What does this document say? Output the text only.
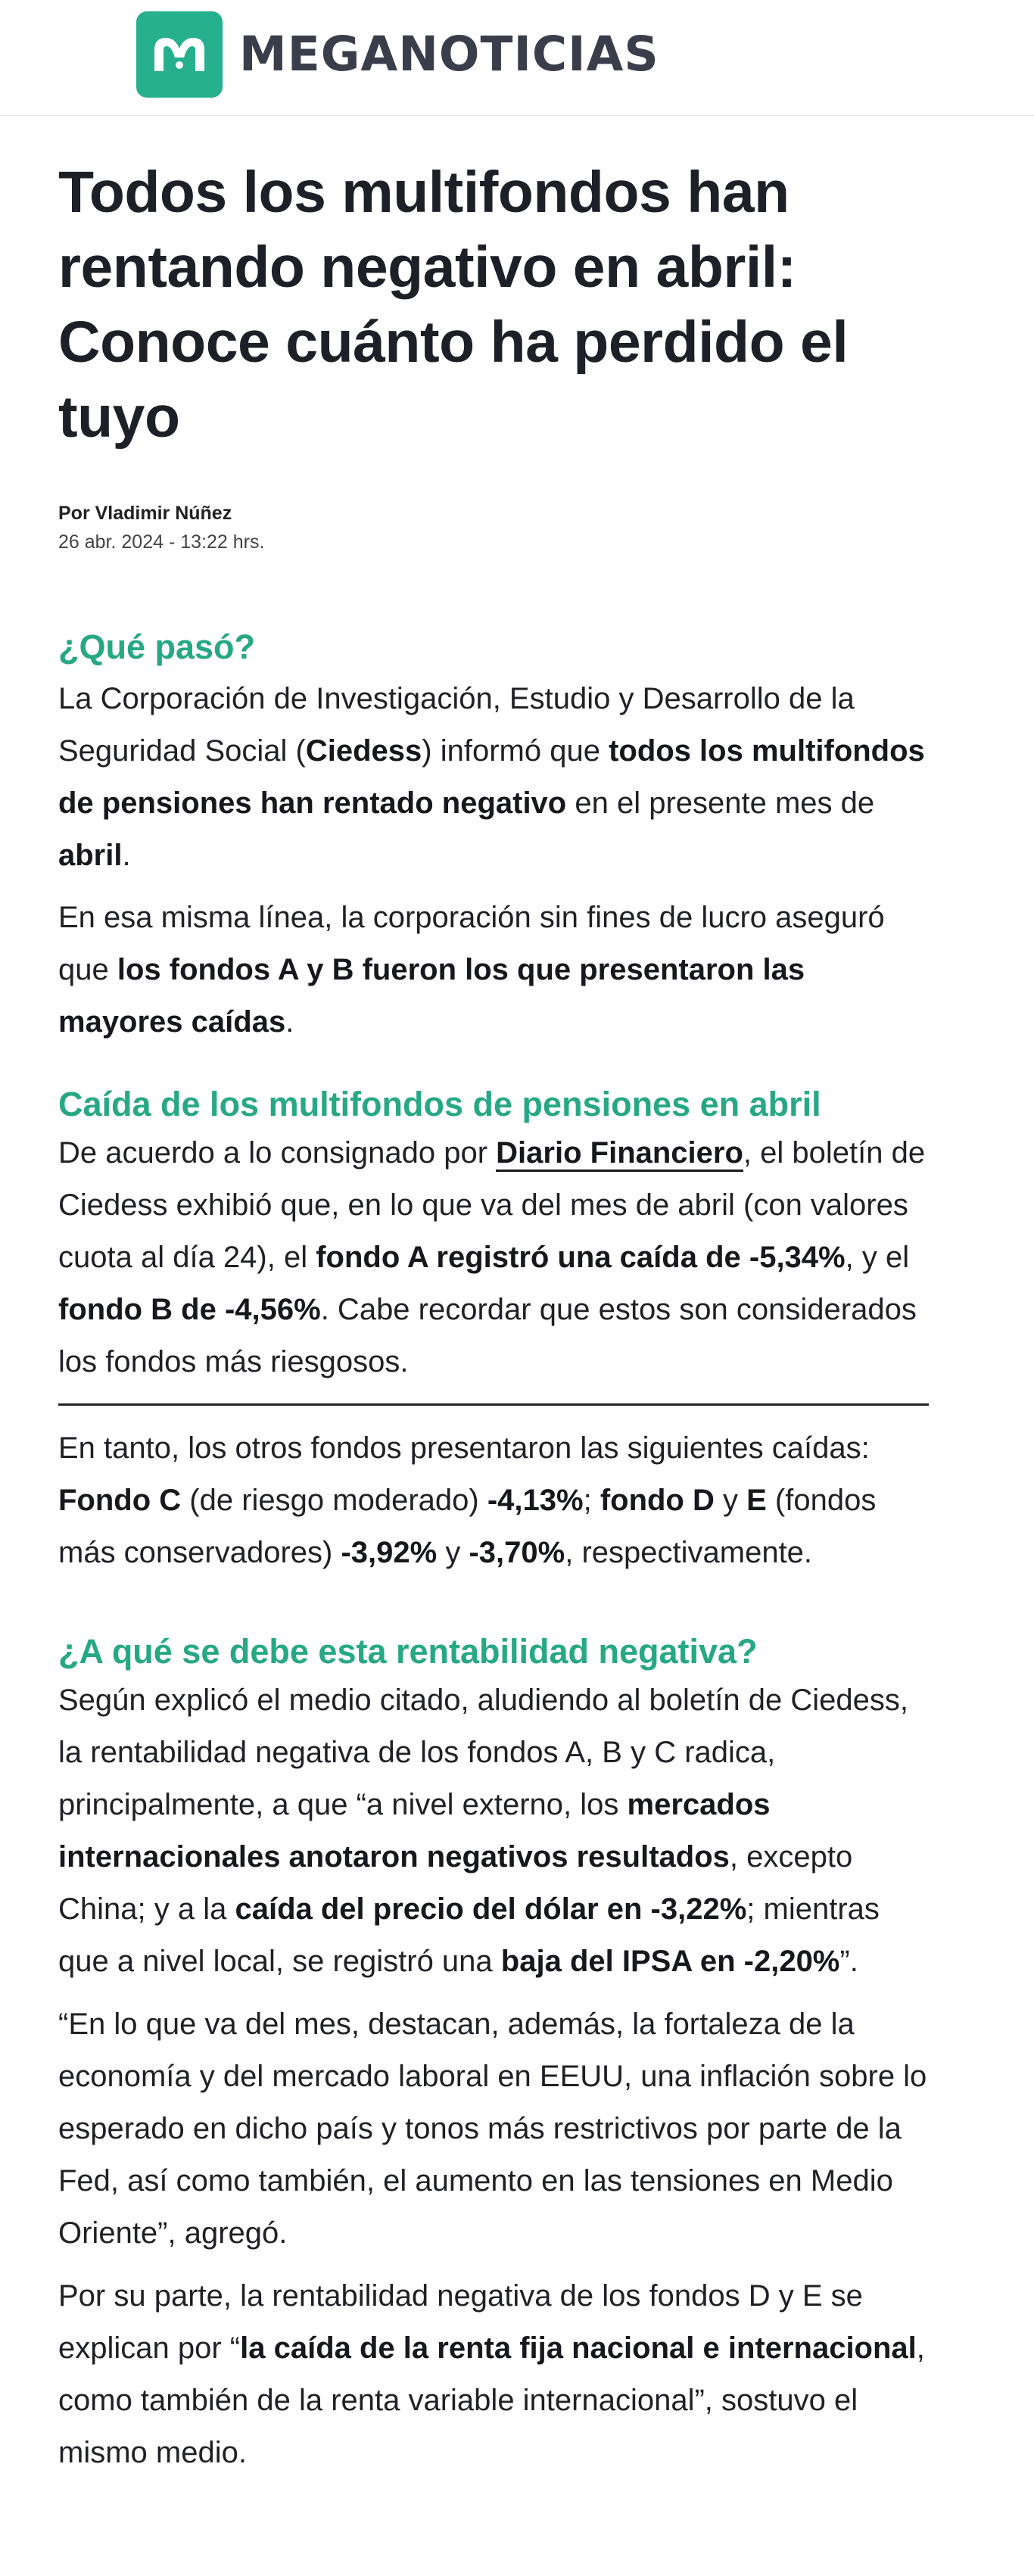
MEGANOTICIAS
Todos los multifondos han rentando negativo en abril: Conoce cuánto ha perdido el tuyo
Por Vladimir Núñez
26 abr. 2024 - 13:22 hrs.
¿Qué pasó?

La Corporación de Investigación, Estudio y Desarrollo de la Seguridad Social (Ciedess) informó que todos los multifondos de pensiones han rentado negativo en el presente mes de abril.

En esa misma línea, la corporación sin fines de lucro aseguró que los fondos A y B fueron los que presentaron las mayores caídas.

Caída de los multifondos de pensiones en abril

De acuerdo a lo consignado por Diario Financiero, el boletín de Ciedess exhibió que, en lo que va del mes de abril (con valores cuota al día 24), el fondo A registró una caída de -5,34%, y el fondo B de -4,56%. Cabe recordar que estos son considerados los fondos más riesgosos.

En tanto, los otros fondos presentaron las siguientes caídas: Fondo C (de riesgo moderado) -4,13%; fondo D y E (fondos más conservadores) -3,92% y -3,70%, respectivamente.

¿A qué se debe esta rentabilidad negativa?

Según explicó el medio citado, aludiendo al boletín de Ciedess, la rentabilidad negativa de los fondos A, B y C radica, principalmente, a que “a nivel externo, los mercados internacionales anotaron negativos resultados, excepto China; y a la caída del precio del dólar en -3,22%; mientras que a nivel local, se registró una baja del IPSA en -2,20%”.

“En lo que va del mes, destacan, además, la fortaleza de la economía y del mercado laboral en EEUU, una inflación sobre lo esperado en dicho país y tonos más restrictivos por parte de la Fed, así como también, el aumento en las tensiones en Medio Oriente”, agregó.

Por su parte, la rentabilidad negativa de los fondos D y E se explican por “la caída de la renta fija nacional e internacional, como también de la renta variable internacional”, sostuvo el mismo medio.
